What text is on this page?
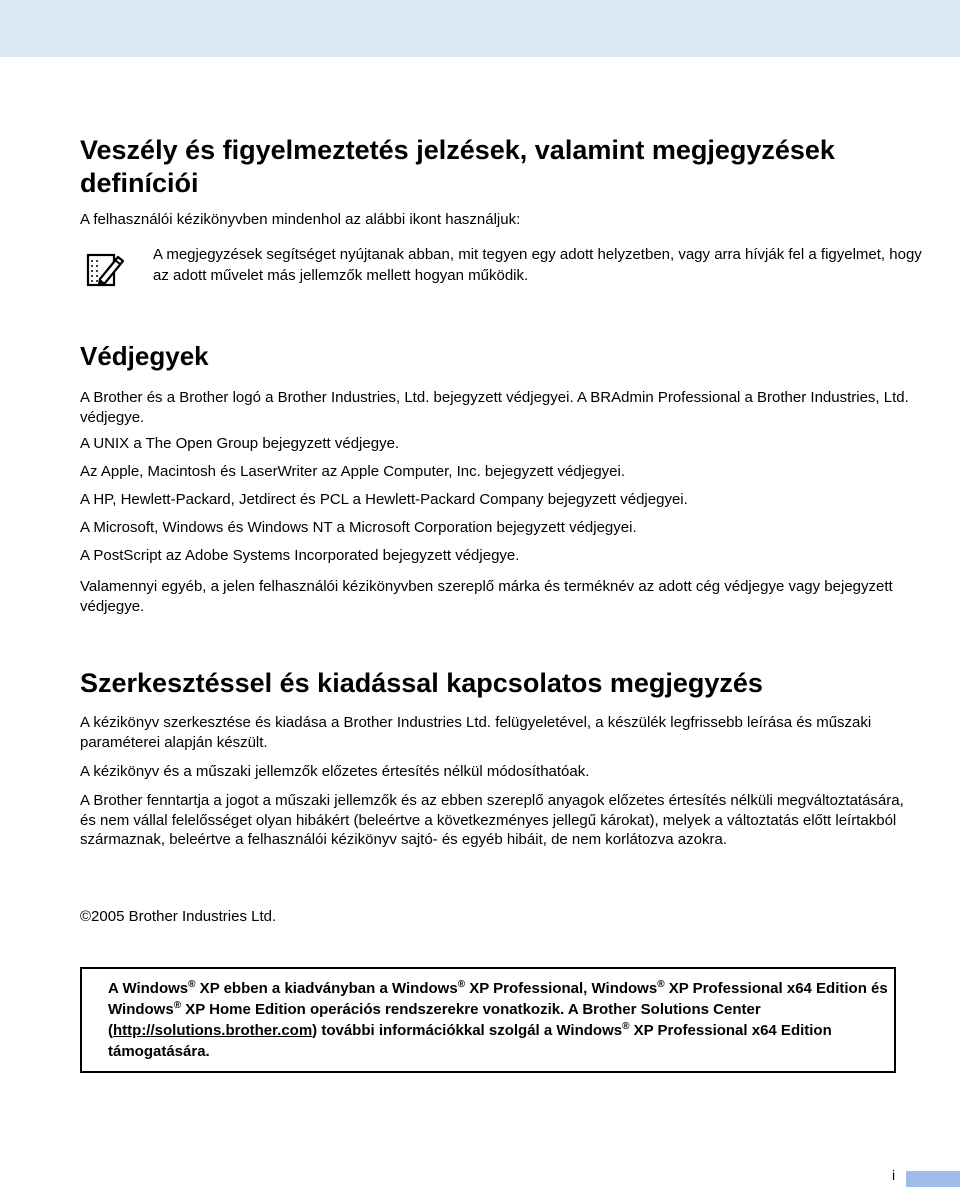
Veszély és figyelmeztetés jelzések, valamint megjegyzések definíciói
A felhasználói kézikönyvben mindenhol az alábbi ikont használjuk:
A megjegyzések segítséget nyújtanak abban, mit tegyen egy adott helyzetben, vagy arra hívják fel a figyelmet, hogy az adott művelet más jellemzők mellett hogyan működik.
Védjegyek
A Brother és a Brother logó a Brother Industries, Ltd. bejegyzett védjegyei. A BRAdmin Professional a Brother Industries, Ltd. védjegye.
A UNIX a The Open Group bejegyzett védjegye.
Az Apple, Macintosh és LaserWriter az Apple Computer, Inc. bejegyzett védjegyei.
A HP, Hewlett-Packard, Jetdirect és PCL a Hewlett-Packard Company bejegyzett védjegyei.
A Microsoft, Windows és Windows NT a Microsoft Corporation bejegyzett védjegyei.
A PostScript az Adobe Systems Incorporated bejegyzett védjegye.
Valamennyi egyéb, a jelen felhasználói kézikönyvben szereplő márka és terméknév az adott cég védjegye vagy bejegyzett védjegye.
Szerkesztéssel és kiadással kapcsolatos megjegyzés
A kézikönyv szerkesztése és kiadása a Brother Industries Ltd. felügyeletével, a készülék legfrissebb leírása és műszaki paraméterei alapján készült.
A kézikönyv és a műszaki jellemzők előzetes értesítés nélkül módosíthatóak.
A Brother fenntartja a jogot a műszaki jellemzők és az ebben szereplő anyagok előzetes értesítés nélküli megváltoztatására, és nem vállal felelősséget olyan hibákért (beleértve a következményes jellegű károkat), melyek a változtatás előtt leírtakból származnak, beleértve a felhasználói kézikönyv sajtó- és egyéb hibáit, de nem korlátozva azokra.
©2005 Brother Industries Ltd.
A Windows® XP ebben a kiadványban a Windows® XP Professional, Windows® XP Professional x64 Edition és Windows® XP Home Edition operációs rendszerekre vonatkozik. A Brother Solutions Center (http://solutions.brother.com) további információkkal szolgál a Windows® XP Professional x64 Edition támogatására.
i
